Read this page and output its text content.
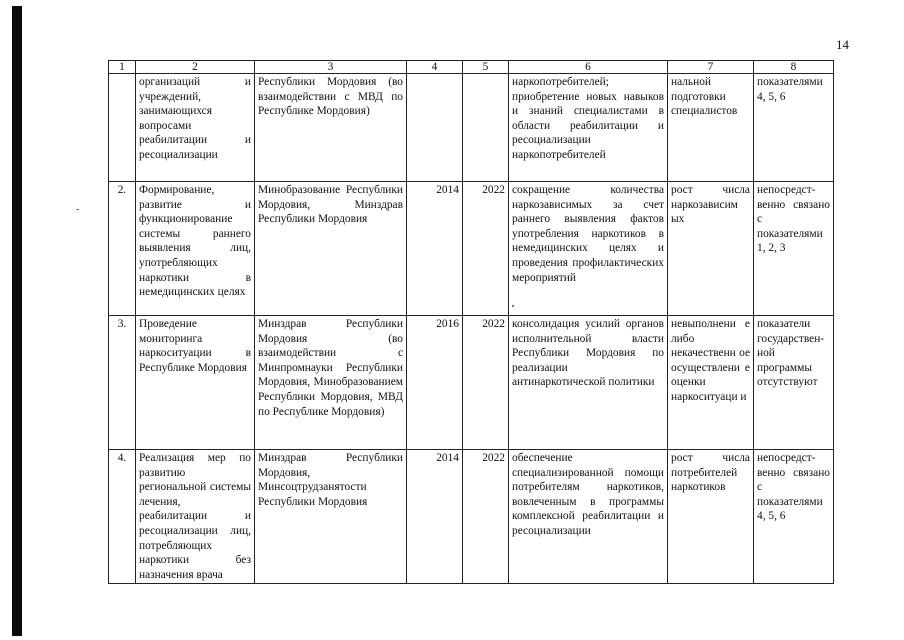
14
1	2	3	4	5	6	7	8
	организаций и учреждений, занимающихся вопросами реабилитации и ресоциализации	Республики Мордовия (во взаимодействии с МВД по Республике Мордовия)			наркопотребителей; приобретение новых навыков и знаний специалистами в области реабилитации и ресоциализации наркопотребителей	нальной подготовки специалистов	показателями 4, 5, 6
2.	Формирование, развитие и функционирование системы раннего выявления лиц, употребляющих наркотики в немедицинских целях	Минобразование Республики Мордовия, Минздрав Республики Мордовия	2014	2022	сокращение количества наркозависимых за счет раннего выявления фактов употребления наркотиков в немедицинских целях и проведения профилактических мероприятий	рост числа наркозависим ых	непосредст-венно связано с показателями 1, 2, 3
3.	Проведение мониторинга наркоситуации в Республике Мордовия	Минздрав Республики Мордовия (во взаимодействии с Минпромнауки Республики Мордовия, Минобразованием Республики Мордовия, МВД по Республике Мордовия)	2016	2022	консолидация усилий органов исполнительной власти Республики Мордовия по реализации антинаркотической политики	невыполнени е либо некачественн ое осуществлени е оценки наркоситуаци и	показатели государствен-ной программы отсутствуют
4.	Реализация мер по развитию региональной системы лечения, реабилитации и ресоциализации лиц, потребляющих наркотики без назначения врача	Минздрав Республики Мордовия, Минсоцтрудзанятости Республики Мордовия	2014	2022	обеспечение специализированной помощи потребителям наркотиков, вовлеченным в программы комплексной реабилитации и ресоциализации	рост числа потребителей наркотиков	непосредст-венно связано с показателями 4, 5, 6
